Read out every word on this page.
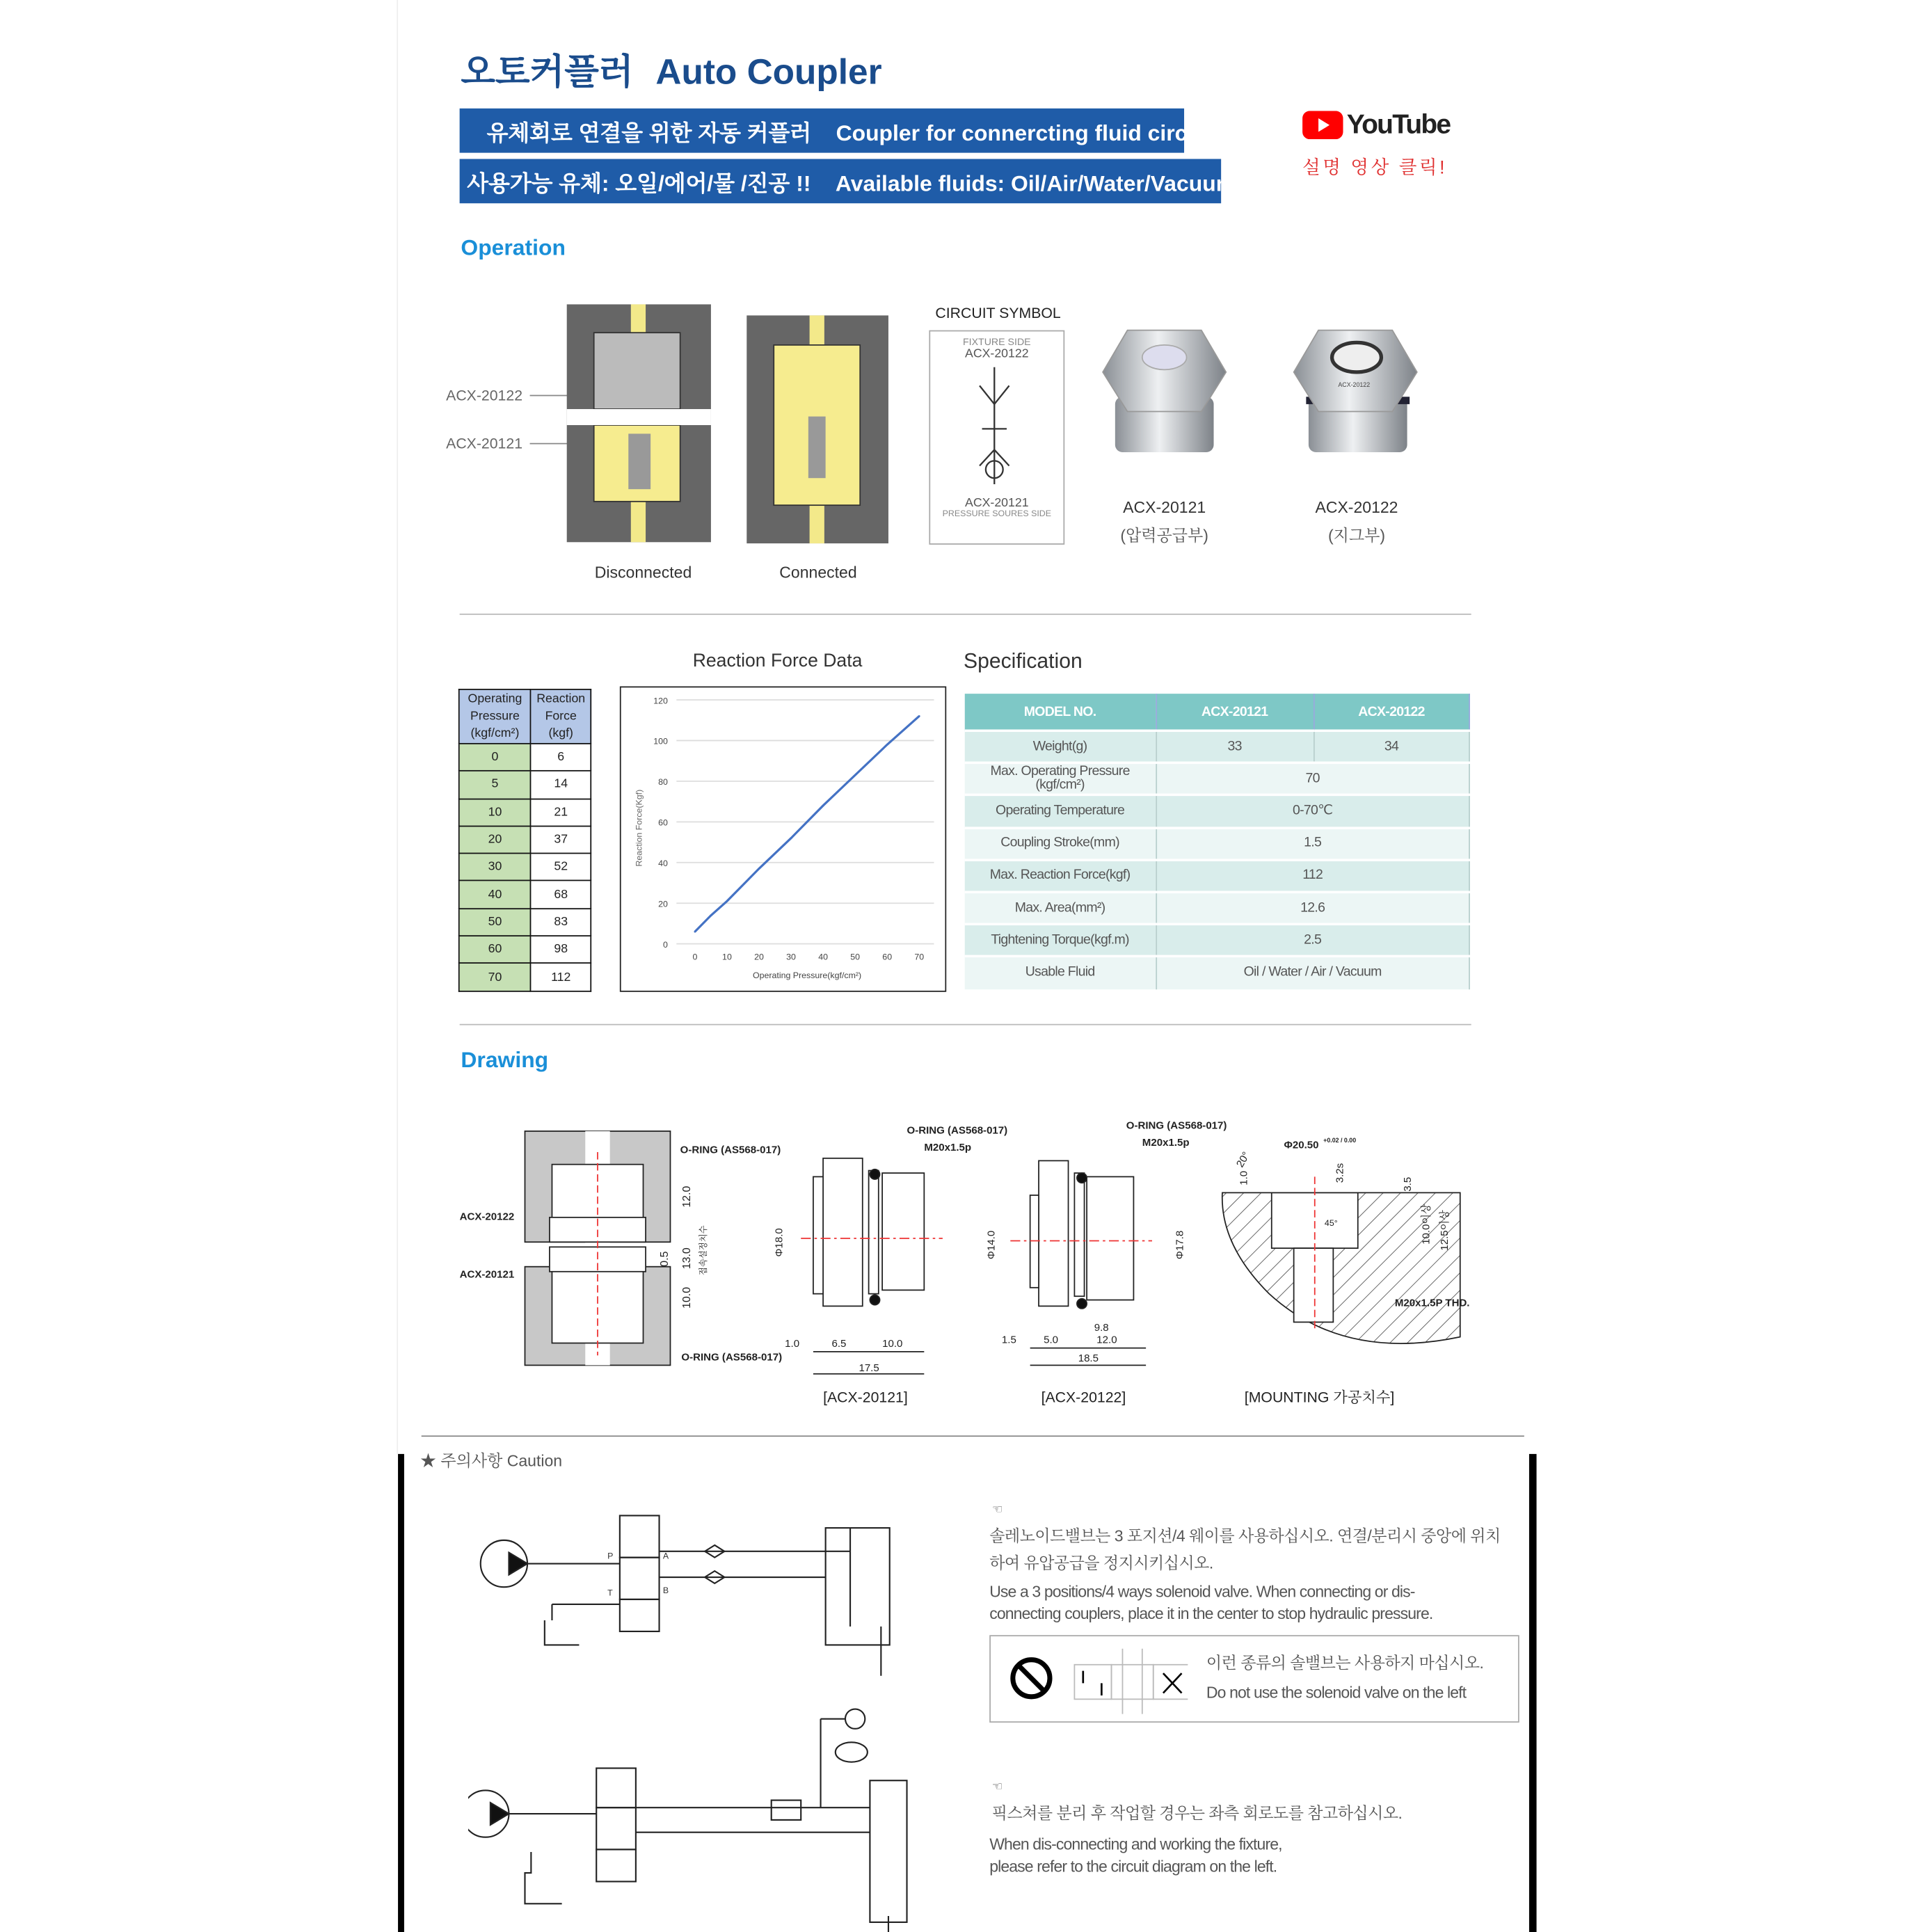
오토커플러 Auto Coupler
유체회로 연결을 위한 자동 커플러 Coupler for connercting fluid circuit
사용가능 유체: 오일/에어/물 /진공 !! Available fluids: Oil/Air/Water/Vacuum !!
YouTube
설명 영상 클릭!
Operation
ACX-20122
ACX-20121
Disconnected	Connected
CIRCUIT SYMBOL
FIXTURE SIDE
ACX-20122
ACX-20121
PRESSURE SOURES SIDE
ACX-20122
ACX-20121
(압력공급부)
ACX-20122
(지그부)
Operating Pressure (kgf/cm²)	Reaction Force (kgf)
0	6
5	14
10	21
20	37
30	52
40	68
50	83
60	98
70	112
Reaction Force Data
0
20
40
60
80
100
120
0	10	20	30	40	50	60	70
Operating Pressure(kgf/cm²)
Reaction Force(Kgf)
Specification
MODEL NO.	ACX-20121	ACX-20122
Weight(g)	33	34
Max. Operating Pressure (kgf/cm²)	70	
Operating Temperature	0-70℃	
Coupling Stroke(mm)	1.5	
Max. Reaction Force(kgf)	112	
Max. Area(mm²)	12.6	
Tightening Torque(kgf.m)	2.5	
Usable Fluid	Oil / Water / Air / Vacuum	
Drawing
ACX-20122
ACX-20121
O-RING (AS568-017)
O-RING (AS568-017)
12.0
13.0
0.5
10.0
접속설정치수	Φ18.0
O-RING (AS568-017)
M20x1.5p
1.0	6.5	10.0
17.5
[ACX-20121]
Φ14.0	Φ17.8
O-RING (AS568-017)
M20x1.5p
9.8
1.5	5.0	12.0
18.5
[ACX-20122]
Φ20.50 +0.02 / 0.00
20°
1.0	3.2s
3.5
10.0이상 12.5이상
45°
M20x1.5P THD.
[MOUNTING 가공치수]
★ 주의사항 Caution
P
T
A
B
☜
솔레노이드밸브는 3 포지션/4 웨이를 사용하십시오. 연결/분리시 중앙에 위치하여 유압공급을 정지시키십시오.
Use a 3 positions/4 ways solenoid valve. When connecting or dis-connecting couplers, place it in the center to stop hydraulic pressure.
이런 종류의 솔밸브는 사용하지 마십시오.
Do not use the solenoid valve on the left
☜
픽스쳐를 분리 후 작업할 경우는 좌측 회로도를 참고하십시오.
When dis-connecting and working the fixture, please refer to the circuit diagram on the left.
